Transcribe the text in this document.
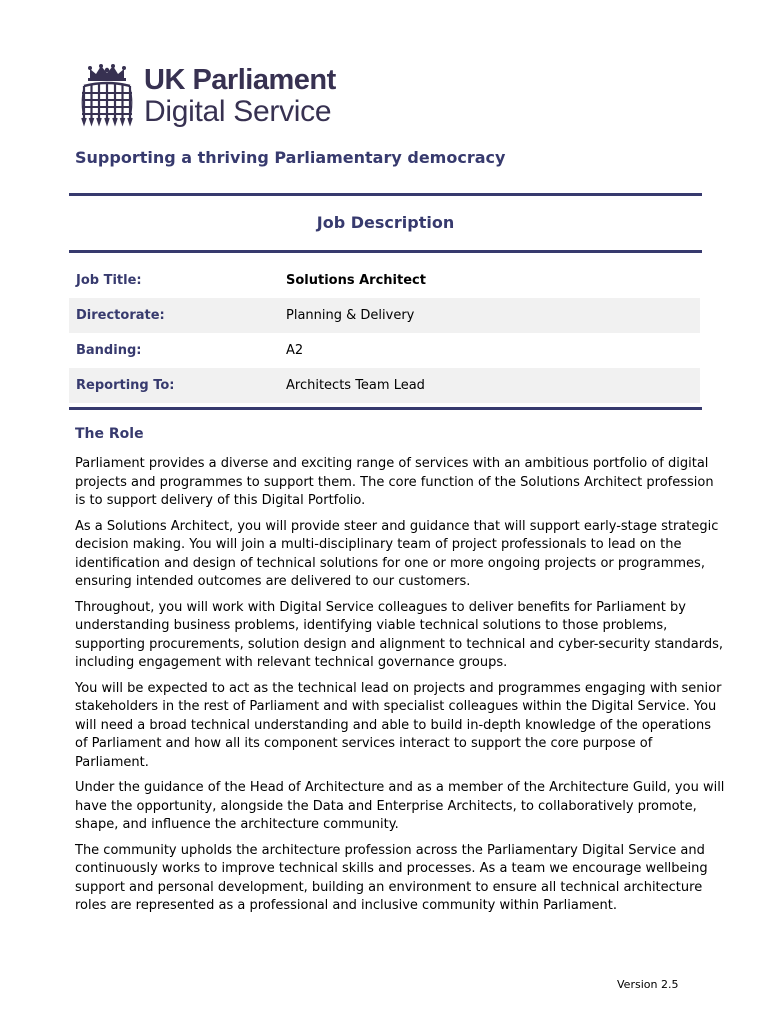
UK Parliament
Digital Service
Supporting a thriving Parliamentary democracy
Job Description
Job Title:	Solutions Architect
Directorate:	Planning & Delivery
Banding:	A2
Reporting To:	Architects Team Lead
The Role

Parliament provides a diverse and exciting range of services with an ambitious portfolio of digital projects and programmes to support them. The core function of the Solutions Architect profession is to support delivery of this Digital Portfolio.

As a Solutions Architect, you will provide steer and guidance that will support early-stage strategic decision making. You will join a multi-disciplinary team of project professionals to lead on the identification and design of technical solutions for one or more ongoing projects or programmes, ensuring intended outcomes are delivered to our customers.

Throughout, you will work with Digital Service colleagues to deliver benefits for Parliament by understanding business problems, identifying viable technical solutions to those problems, supporting procurements, solution design and alignment to technical and cyber-security standards, including engagement with relevant technical governance groups.

You will be expected to act as the technical lead on projects and programmes engaging with senior stakeholders in the rest of Parliament and with specialist colleagues within the Digital Service. You will need a broad technical understanding and able to build in-depth knowledge of the operations of Parliament and how all its component services interact to support the core purpose of Parliament.

Under the guidance of the Head of Architecture and as a member of the Architecture Guild, you will have the opportunity, alongside the Data and Enterprise Architects, to collaboratively promote, shape, and influence the architecture community.

The community upholds the architecture profession across the Parliamentary Digital Service and continuously works to improve technical skills and processes. As a team we encourage wellbeing support and personal development, building an environment to ensure all technical architecture roles are represented as a professional and inclusive community within Parliament.

Version 2.5
